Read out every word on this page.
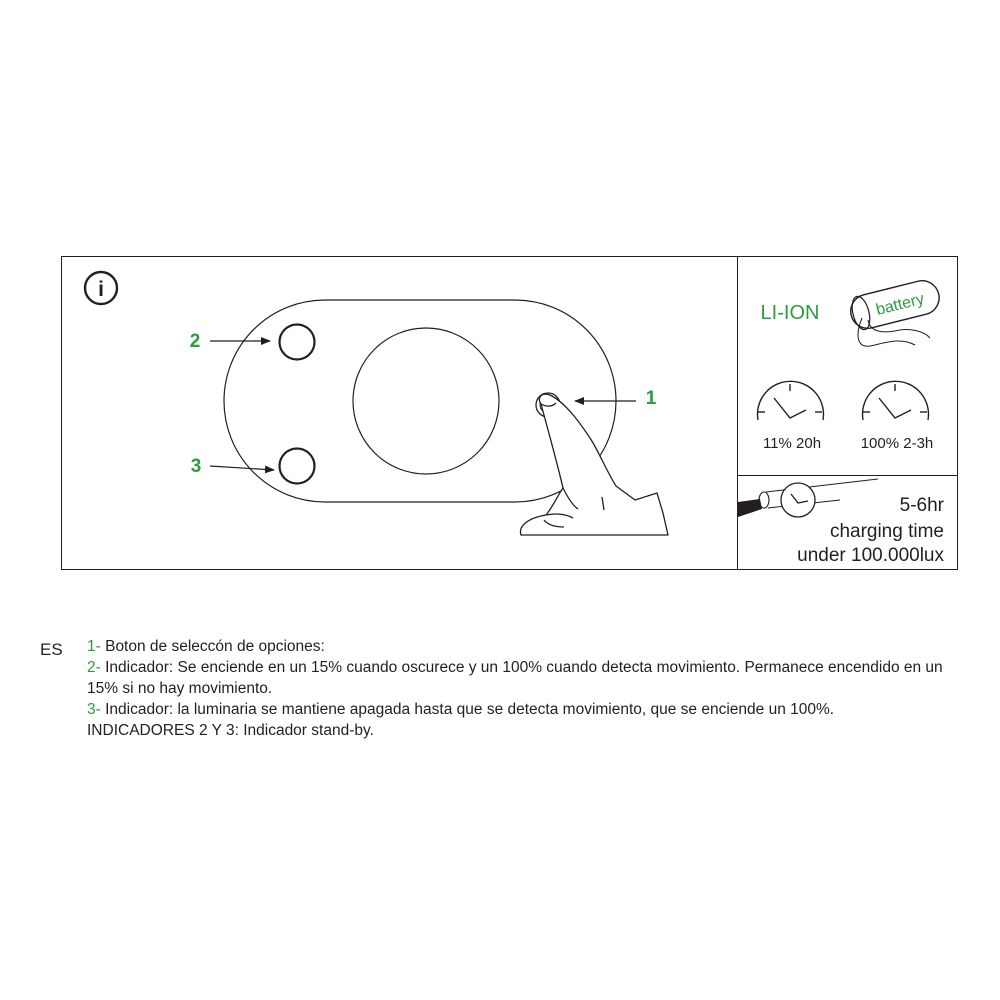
i
1
2
3
LI-ION	battery
11% 20h	100% 2-3h
5-6hr
charging time
under 100.000lux
ES 1- Boton de seleccón de opciones:
2- Indicador: Se enciende en un 15% cuando oscurece y un 100% cuando detecta movimiento. Permanece encendido en un 15% si no hay movimiento.
3- Indicador: la luminaria se mantiene apagada hasta que se detecta movimiento, que se enciende un 100%.
INDICADORES 2 Y 3: Indicador stand-by.
